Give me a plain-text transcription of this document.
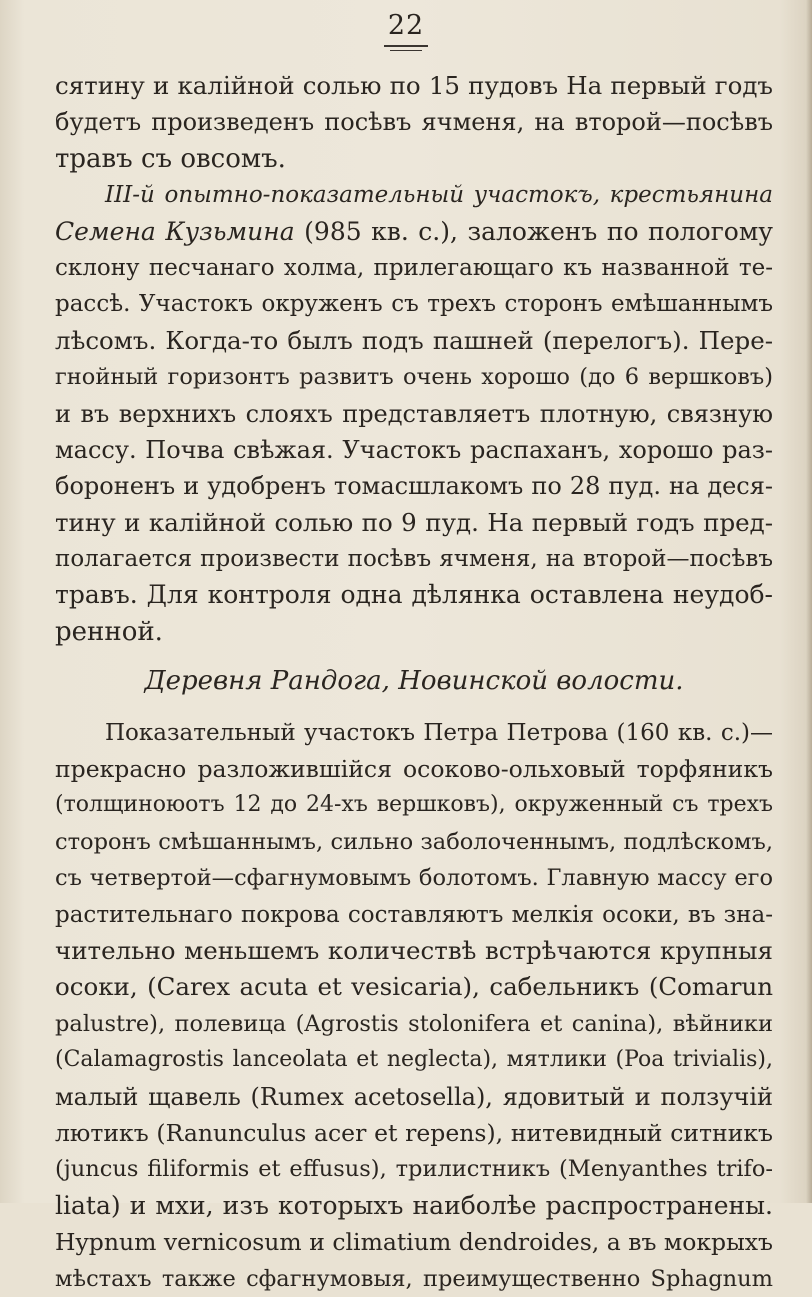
22
сятину и калійной солью по 15 пудовъ На первый годъ
будетъ произведенъ посѣвъ ячменя, на второй—посѣвъ
травъ съ овсомъ.
III-й опытно-показательный участокъ, крестьянина
Семена Кузьмина (985 кв. с.), заложенъ по пологому
склону песчанаго холма, прилегающаго къ названной те-
рассѣ. Участокъ окруженъ съ трехъ сторонъ емѣшаннымъ
лѣсомъ. Когда-то былъ подъ пашней (перелогъ). Пере-
гнойный горизонтъ развитъ очень хорошо (до 6 вершковъ)
и въ верхнихъ слояхъ представляетъ плотную, связную
массу. Почва свѣжая. Участокъ распаханъ, хорошо раз-
бороненъ и удобренъ томасшлакомъ по 28 пуд. на деся-
тину и калійной солью по 9 пуд. На первый годъ пред-
полагается произвести посѣвъ ячменя, на второй—посѣвъ
травъ. Для контроля одна дѣлянка оставлена неудоб-
ренной.
Деревня Рандога, Новинской волости.
Показательный участокъ Петра Петрова (160 кв. с.)—
прекрасно разложившійся осоково-ольховый торфяникъ
(толщиноюотъ 12 до 24-хъ вершковъ), окруженный съ трехъ
сторонъ смѣшаннымъ, сильно заболоченнымъ, подлѣскомъ,
съ четвертой—сфагнумовымъ болотомъ. Главную массу его
растительнаго покрова составляютъ мелкія осоки, въ зна-
чительно меньшемъ количествѣ встрѣчаются крупныя
осоки, (Carex acuta et vesicaria), сабельникъ (Comarun
palustre), полевица (Agrostis stolonifera et canina), вѣйники
(Calamagrostis lanceolata et neglecta), мятлики (Poa trivialis),
малый щавель (Rumex acetosella), ядовитый и ползучій
лютикъ (Ranunculus acer et repens), нитевидный ситникъ
(juncus filiformis et effusus), трилистникъ (Menyanthes trifo-
liata) и мхи, изъ которыхъ наиболѣе распространены.
Hypnum vernicosum и climatium dendroides, а въ мокрыхъ
мѣстахъ также сфагнумовыя, преимущественно Sphagnum
